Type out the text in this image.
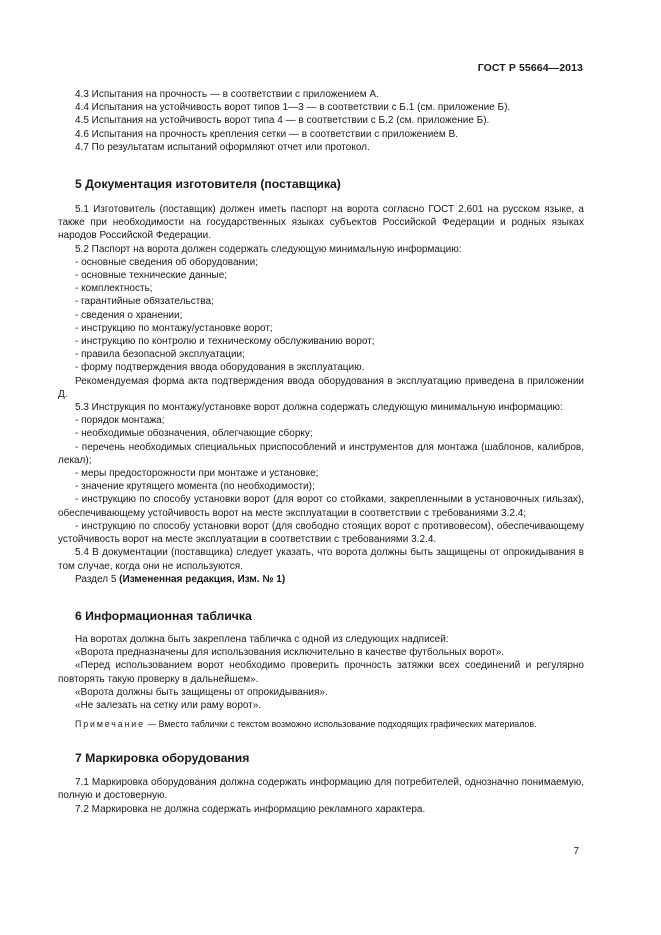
ГОСТ Р 55664—2013

4.3 Испытания на прочность — в соответствии с приложением А.

4.4 Испытания на устойчивость ворот типов 1—3 — в соответствии с Б.1 (см. приложение Б).

4.5 Испытания на устойчивость ворот типа 4 — в соответствии с Б.2 (см. приложение Б).

4.6 Испытания на прочность крепления сетки — в соответствии с приложением В.

4.7 По результатам испытаний оформляют отчет или протокол.

5 Документация изготовителя (поставщика)

5.1 Изготовитель (поставщик) должен иметь паспорт на ворота согласно ГОСТ 2.601 на русском языке, а также при необходимости на государственных языках субъектов Российской Федерации и родных языках народов Российской Федерации.

5.2 Паспорт на ворота должен содержать следующую минимальную информацию:

- основные сведения об оборудовании;

- основные технические данные;

- комплектность;

- гарантийные обязательства;

- сведения о хранении;

- инструкцию по монтажу/установке ворот;

- инструкцию по контролю и техническому обслуживанию ворот;

- правила безопасной эксплуатации;

- форму подтверждения ввода оборудования в эксплуатацию.

Рекомендуемая форма акта подтверждения ввода оборудования в эксплуатацию приведена в приложении Д.

5.3 Инструкция по монтажу/установке ворот должна содержать следующую минимальную информацию:

- порядок монтажа;

- необходимые обозначения, облегчающие сборку;

- перечень необходимых специальных приспособлений и инструментов для монтажа (шаблонов, калибров, лекал);

- меры предосторожности при монтаже и установке;

- значение крутящего момента (по необходимости);

- инструкцию по способу установки ворот (для ворот со стойками, закрепленными в установочных гильзах), обеспечивающему устойчивость ворот на месте эксплуатации в соответствии с требованиями 3.2.4;

- инструкцию по способу установки ворот (для свободно стоящих ворот с противовесом), обеспечивающему устойчивость ворот на месте эксплуатации в соответствии с требованиями 3.2.4.

5.4 В документации (поставщика) следует указать, что ворота должны быть защищены от опрокидывания в том случае, когда они не используются.

Раздел 5 (Измененная редакция, Изм. № 1)

6 Информационная табличка

На воротах должна быть закреплена табличка с одной из следующих надписей:

«Ворота предназначены для использования исключительно в качестве футбольных ворот».

«Перед использованием ворот необходимо проверить прочность затяжки всех соединений и регулярно повторять такую проверку в дальнейшем».

«Ворота должны быть защищены от опрокидывания».

«Не залезать на сетку или раму ворот».

Примечание — Вместо таблички с текстом возможно использование подходящих графических материалов.

7 Маркировка оборудования

7.1 Маркировка оборудования должна содержать информацию для потребителей, однозначно понимаемую, полную и достоверную.

7.2 Маркировка не должна содержать информацию рекламного характера.

7
